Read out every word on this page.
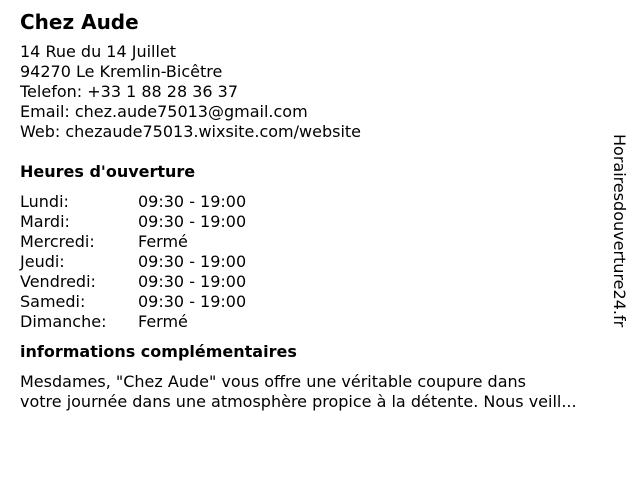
Chez Aude
14 Rue du 14 Juillet
94270 Le Kremlin-Bicêtre
Telefon: +33 1 88 28 36 37
Email: chez.aude75013@gmail.com
Web: chezaude75013.wixsite.com/website
Heures d'ouverture
Lundi:	09:30 - 19:00
Mardi:	09:30 - 19:00
Mercredi:	Fermé
Jeudi:	09:30 - 19:00
Vendredi:	09:30 - 19:00
Samedi:	09:30 - 19:00
Dimanche:	Fermé
informations complémentaires
Mesdames, "Chez Aude" vous offre une véritable coupure dans
votre journée dans une atmosphère propice à la détente. Nous veill...
Horairesdouverture24.fr
